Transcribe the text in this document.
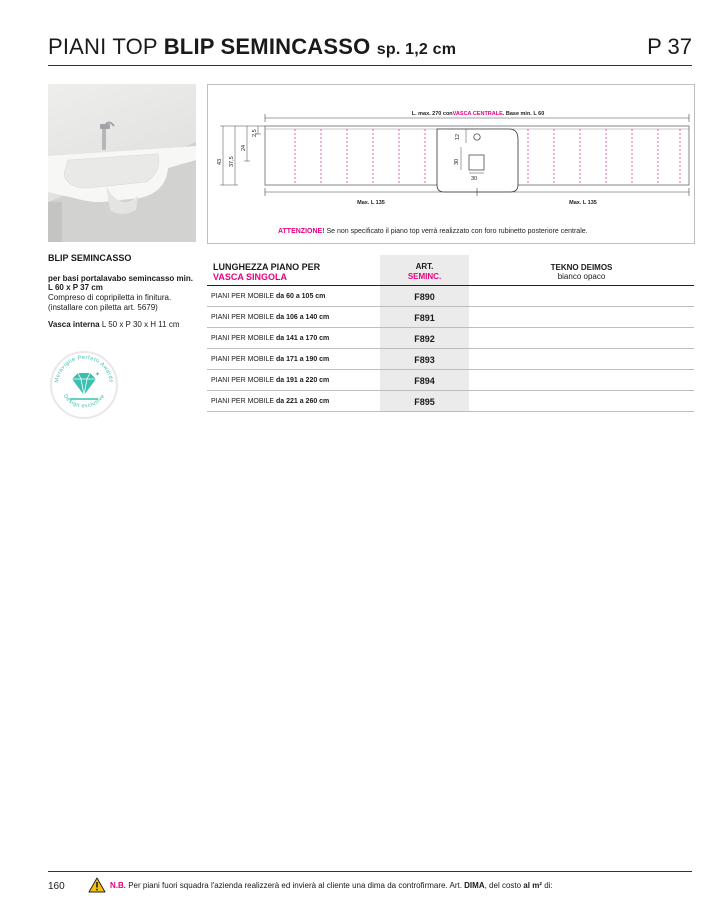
PIANI TOP BLIP SEMINCASSO sp. 1,2 cm	P 37
L. max. 270 conVASCA CENTRALE. Base min. L 60
12
30
30
43 37,5
24
2,5
Max. L 135	Max. L 135
ATTENZIONE! Se non specificato il piano top verrà realizzato con foro rubinetto posteriore centrale.
BLIP SEMINCASSO
per basi portalavabo semincasso min. L 60 x P 37 cm
Compreso di copripiletta in finitura. (installare con piletta art. 5679)
Vasca interna L 50 x P 30 x H 11 cm
Meraviglie Perfetti Awards
Design exclusive
✦
LUNGHEZZA PIANO PER
VASCA SINGOLA
ART.
SEMINC.
TEKNO DEIMOS
bianco opaco
PIANI PER MOBILE da 60 a 105 cm	F890
PIANI PER MOBILE da 106 a 140 cm	F891
PIANI PER MOBILE da 141 a 170 cm	F892
PIANI PER MOBILE da 171 a 190 cm	F893
PIANI PER MOBILE da 191 a 220 cm	F894
PIANI PER MOBILE da 221 a 260 cm	F895
160	N.B. Per piani fuori squadra l'azienda realizzerà ed invierà al cliente una dima da controfirmare. Art. DIMA, del costo al m² di:
